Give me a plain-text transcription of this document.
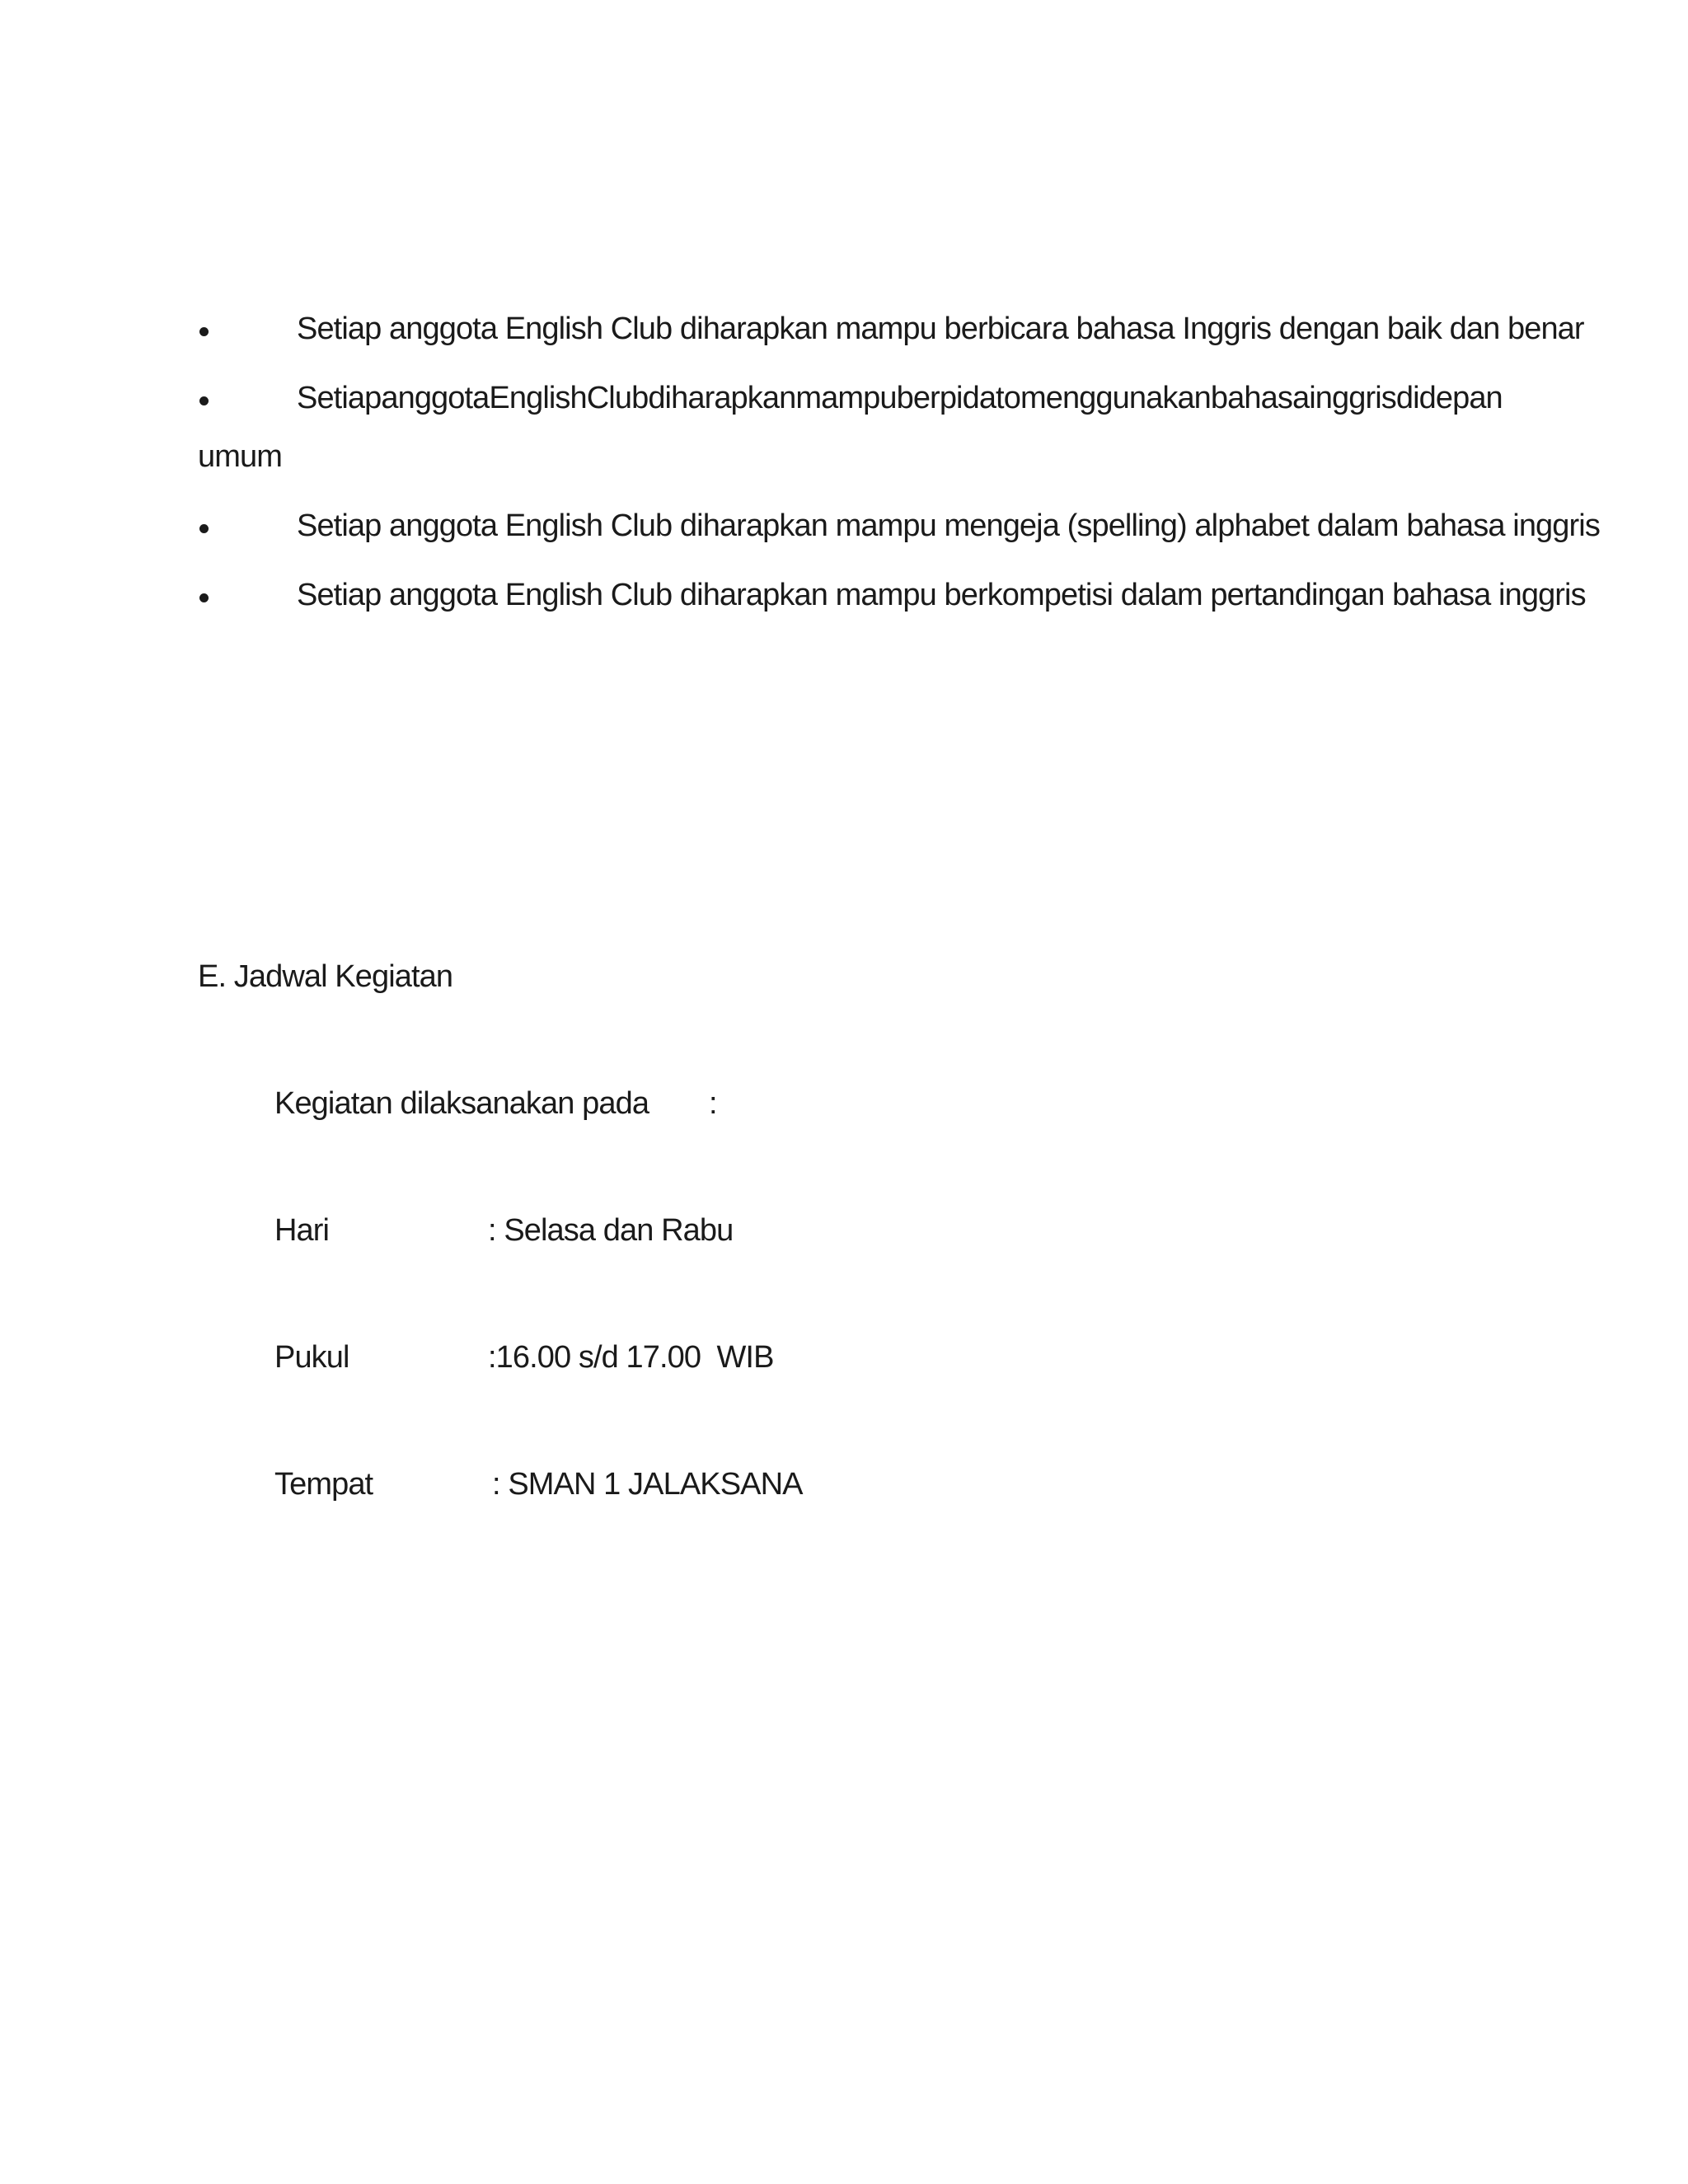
Setiap anggota English Club diharapkan mampu berbicara bahasa Inggris dengan baik dan benar
Setiap anggota English Club diharapkan mampu berpidato menggunakan bahasa inggris didepan
umum
Setiap anggota English Club diharapkan mampu mengeja (spelling) alphabet dalam bahasa inggris
Setiap anggota English Club diharapkan mampu berkompetisi dalam pertandingan bahasa inggris
E. Jadwal Kegiatan
Kegiatan dilaksanakan pada :
Hari	: Selasa dan Rabu
Pukul	:16.00 s/d 17.00  WIB
Tempat	: SMAN 1 JALAKSANA
